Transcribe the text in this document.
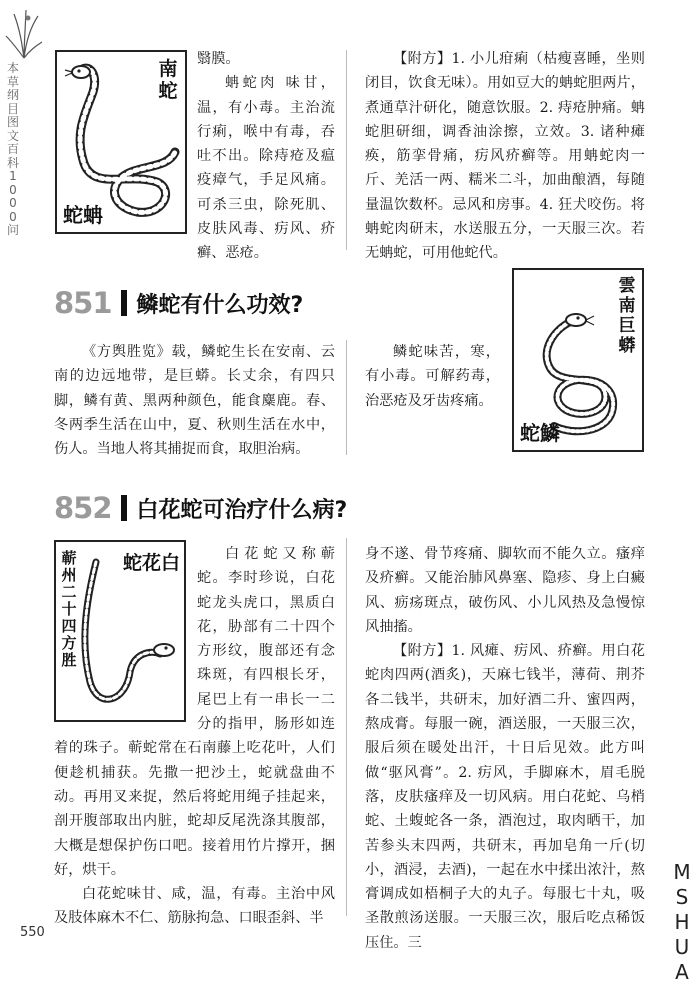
本草纲目图文百科1000问
南蛇
蛇蚺

翳膜。

蚺蛇肉 味甘，温，有小毒。主治流行痢，喉中有毒，吞吐不出。除痔疮及瘟疫瘴气，手足风痛。可杀三虫，除死肌、皮肤风毒、疠风、疥癣、恶疮。

【附方】1. 小儿疳痢（枯瘦喜睡，坐则闭目，饮食无味）。用如豆大的蚺蛇胆两片，煮通草汁研化，随意饮服。2. 痔疮肿痛。蚺蛇胆研细，调香油涂擦，立效。3. 诸种瘫痪，筋挛骨痛，疠风疥癣等。用蚺蛇肉一斤、羌活一两、糯米二斗，加曲酿酒，每随量温饮数杯。忌风和房事。4. 狂犬咬伤。将蚺蛇肉研末，水送服五分，一天服三次。若无蚺蛇，可用他蛇代。

851 鳞蛇有什么功效?

《方舆胜览》载，鳞蛇生长在安南、云南的边远地带，是巨蟒。长丈余，有四只脚，鳞有黄、黑两种颜色，能食麋鹿。春、冬两季生活在山中，夏、秋则生活在水中，伤人。当地人将其捕捉而食，取胆治病。

鳞蛇味苦，寒，有小毒。可解药毒，治恶疮及牙齿疼痛。

雲南巨蟒
蛇鱗
852 白花蛇可治疗什么病?
蛇花白
蕲州二十四方胜

白花蛇又称蕲蛇。李时珍说，白花蛇龙头虎口，黑质白花，胁部有二十四个方形纹，腹部还有念珠斑，有四根长牙，尾巴上有一串长一二分的指甲，肠形如连着的珠子。蕲蛇常在石南藤上吃花叶，人们便趁机捕获。先撒一把沙土，蛇就盘曲不动。再用叉来捉，然后将蛇用绳子挂起来，剖开腹部取出内脏，蛇却反尾洗涤其腹部，大概是想保护伤口吧。接着用竹片撑开，捆好，烘干。

白花蛇味甘、咸，温，有毒。主治中风及肢体麻木不仁、筋脉拘急、口眼歪斜、半

身不遂、骨节疼痛、脚软而不能久立。瘙痒及疥癣。又能治肺风鼻塞、隐疹、身上白癜风、疬疡斑点，破伤风、小儿风热及急慢惊风抽搐。

【附方】1. 风瘫、疠风、疥癣。用白花蛇肉四两(酒炙)，天麻七钱半，薄荷、荆芥各二钱半，共研末，加好酒二升、蜜四两，熬成膏。每服一碗，酒送服，一天服三次，服后须在暖处出汗，十日后见效。此方叫做“驱风膏”。2. 疠风，手脚麻木，眉毛脱落，皮肤瘙痒及一切风病。用白花蛇、乌梢蛇、土蝮蛇各一条，酒泡过，取肉晒干，加苦参头末四两，共研末，再加皂角一斤(切小，酒浸，去酒)，一起在水中揉出浓汁，熬膏调成如梧桐子大的丸子。每服七十丸，吸圣散煎汤送服。一天服三次，服后吃点稀饭压住。三

550
MSHUA
